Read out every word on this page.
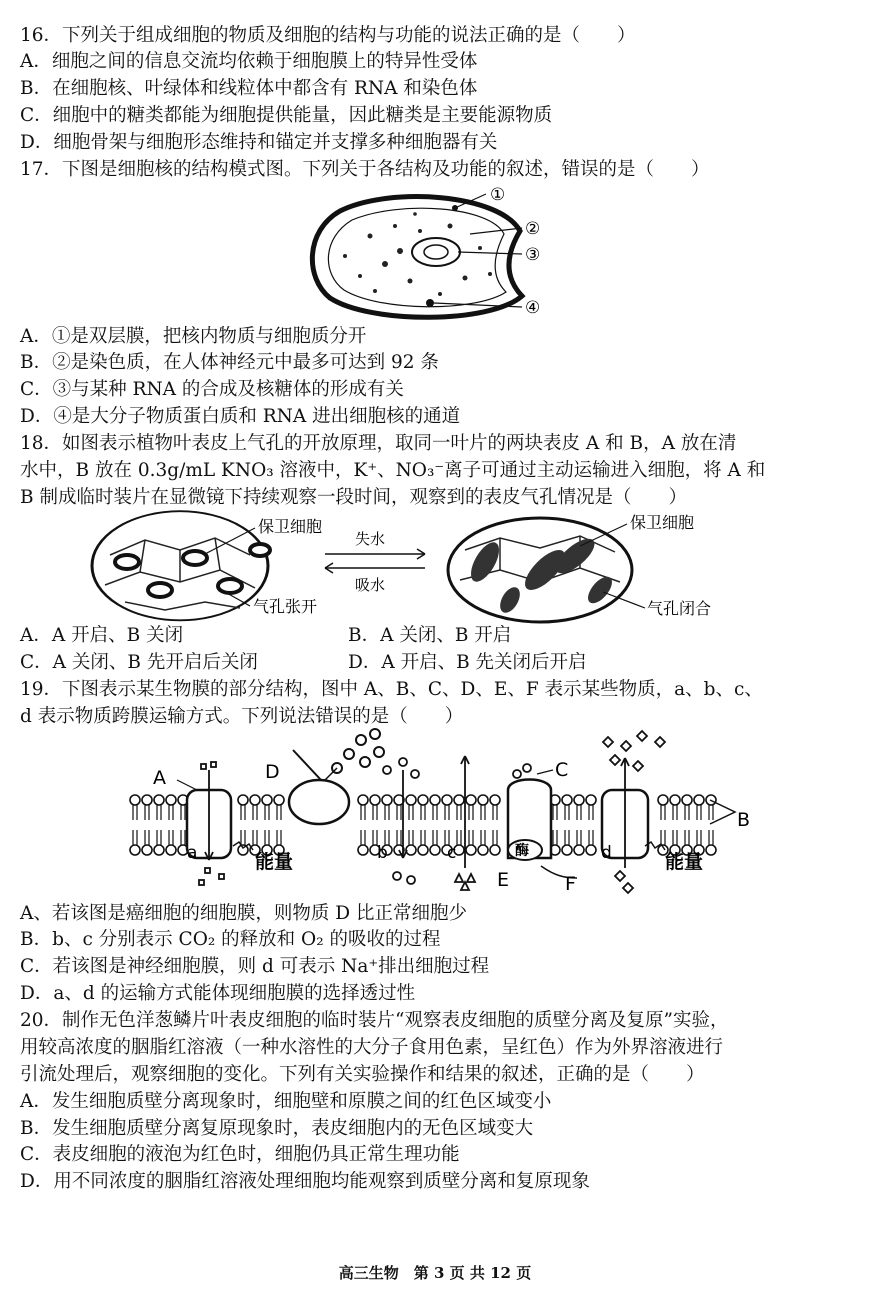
16．下列关于组成细胞的物质及细胞的结构与功能的说法正确的是（　　）
A．细胞之间的信息交流均依赖于细胞膜上的特异性受体
B．在细胞核、叶绿体和线粒体中都含有 RNA 和染色体
C．细胞中的糖类都能为细胞提供能量，因此糖类是主要能源物质
D．细胞骨架与细胞形态维持和锚定并支撑多种细胞器有关
17．下图是细胞核的结构模式图。下列关于各结构及功能的叙述，错误的是（　　）
①
②
③
④
A．①是双层膜，把核内物质与细胞质分开
B．②是染色质，在人体神经元中最多可达到 92 条
C．③与某种 RNA 的合成及核糖体的形成有关
D．④是大分子物质蛋白质和 RNA 进出细胞核的通道
18．如图表示植物叶表皮上气孔的开放原理，取同一叶片的两块表皮 A 和 B，A 放在清
水中，B 放在 0.3g/mL KNO₃ 溶液中，K⁺、NO₃⁻离子可通过主动运输进入细胞，将 A 和
B 制成临时装片在显微镜下持续观察一段时间，观察到的表皮气孔情况是（　　）
保卫细胞
气孔张开
失水
吸水
保卫细胞
气孔闭合
A．A 开启、B 关闭	B．A 关闭、B 开启
C．A 关闭、B 先开启后关闭	D．A 开启、B 先关闭后开启
19．下图表示某生物膜的部分结构，图中 A、B、C、D、E、F 表示某些物质，a、b、c、
d 表示物质跨膜运输方式。下列说法错误的是（　　）
A
B
C
D
E	F
a	b	c	d
酶
能量	能量
A、若该图是癌细胞的细胞膜，则物质 D 比正常细胞少
B．b、c 分别表示 CO₂ 的释放和 O₂ 的吸收的过程
C．若该图是神经细胞膜，则 d 可表示 Na⁺排出细胞过程
D．a、d 的运输方式能体现细胞膜的选择透过性
20．制作无色洋葱鳞片叶表皮细胞的临时装片“观察表皮细胞的质壁分离及复原”实验，
用较高浓度的胭脂红溶液（一种水溶性的大分子食用色素，呈红色）作为外界溶液进行
引流处理后，观察细胞的变化。下列有关实验操作和结果的叙述，正确的是（　　）
A．发生细胞质壁分离现象时，细胞壁和原膜之间的红色区域变小
B．发生细胞质壁分离复原现象时，表皮细胞内的无色区域变大
C．表皮细胞的液泡为红色时，细胞仍具正常生理功能
D．用不同浓度的胭脂红溶液处理细胞均能观察到质壁分离和复原现象
高三生物　第 3 页 共 12 页
